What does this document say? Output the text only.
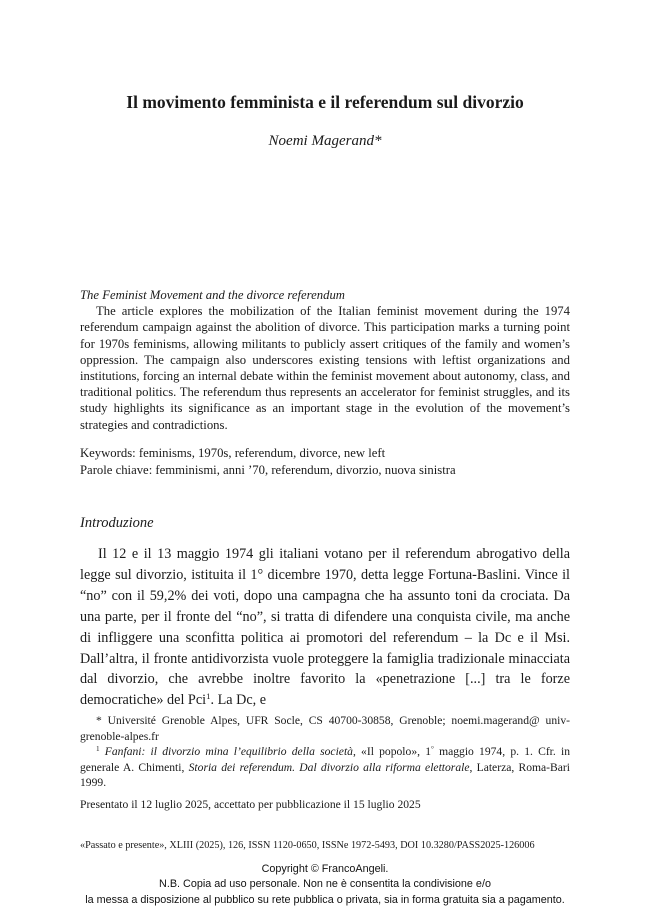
Il movimento femminista e il referendum sul divorzio
Noemi Magerand*
The Feminist Movement and the divorce referendum
The article explores the mobilization of the Italian feminist movement during the 1974 referendum campaign against the abolition of divorce. This participation marks a turning point for 1970s feminisms, allowing militants to publicly assert critiques of the family and women’s oppression. The campaign also underscores existing tensions with leftist organizations and institutions, forcing an internal debate within the feminist movement about autonomy, class, and traditional politics. The referendum thus represents an accelerator for feminist struggles, and its study highlights its significance as an important stage in the evolution of the movement’s strategies and contradictions.
Keywords: feminisms, 1970s, referendum, divorce, new left
Parole chiave: femminismi, anni ’70, referendum, divorzio, nuova sinistra
Introduzione
Il 12 e il 13 maggio 1974 gli italiani votano per il referendum abrogativo della legge sul divorzio, istituita il 1° dicembre 1970, detta legge Fortuna-Baslini. Vince il “no” con il 59,2% dei voti, dopo una campagna che ha assunto toni da crociata. Da una parte, per il fronte del “no”, si tratta di difendere una conquista civile, ma anche di infliggere una sconfitta politica ai promotori del referendum – la Dc e il Msi. Dall’altra, il fronte antidivorzista vuole proteggere la famiglia tradizionale minacciata dal divorzio, che avrebbe inoltre favorito la «penetrazione [...] tra le forze democratiche» del Pci$^1$. La Dc, e
* Université Grenoble Alpes, UFR Socle, CS 40700-30858, Grenoble; noemi.magerand@ univ-grenoble-alpes.fr
$^1$ Fanfani: il divorzio mina l’equilibrio della società, «Il popolo», 1° maggio 1974, p. 1. Cfr. in generale A. Chimenti, Storia dei referendum. Dal divorzio alla riforma elettorale, Laterza, Roma-Bari 1999.
Presentato il 12 luglio 2025, accettato per pubblicazione il 15 luglio 2025
«Passato e presente», XLIII (2025), 126, ISSN 1120-0650, ISSNe 1972-5493, DOI 10.3280/PASS2025-126006
Copyright © FrancoAngeli.
N.B. Copia ad uso personale. Non ne è consentita la condivisione e/o
la messa a disposizione al pubblico su rete pubblica o privata, sia in forma gratuita sia a pagamento.
